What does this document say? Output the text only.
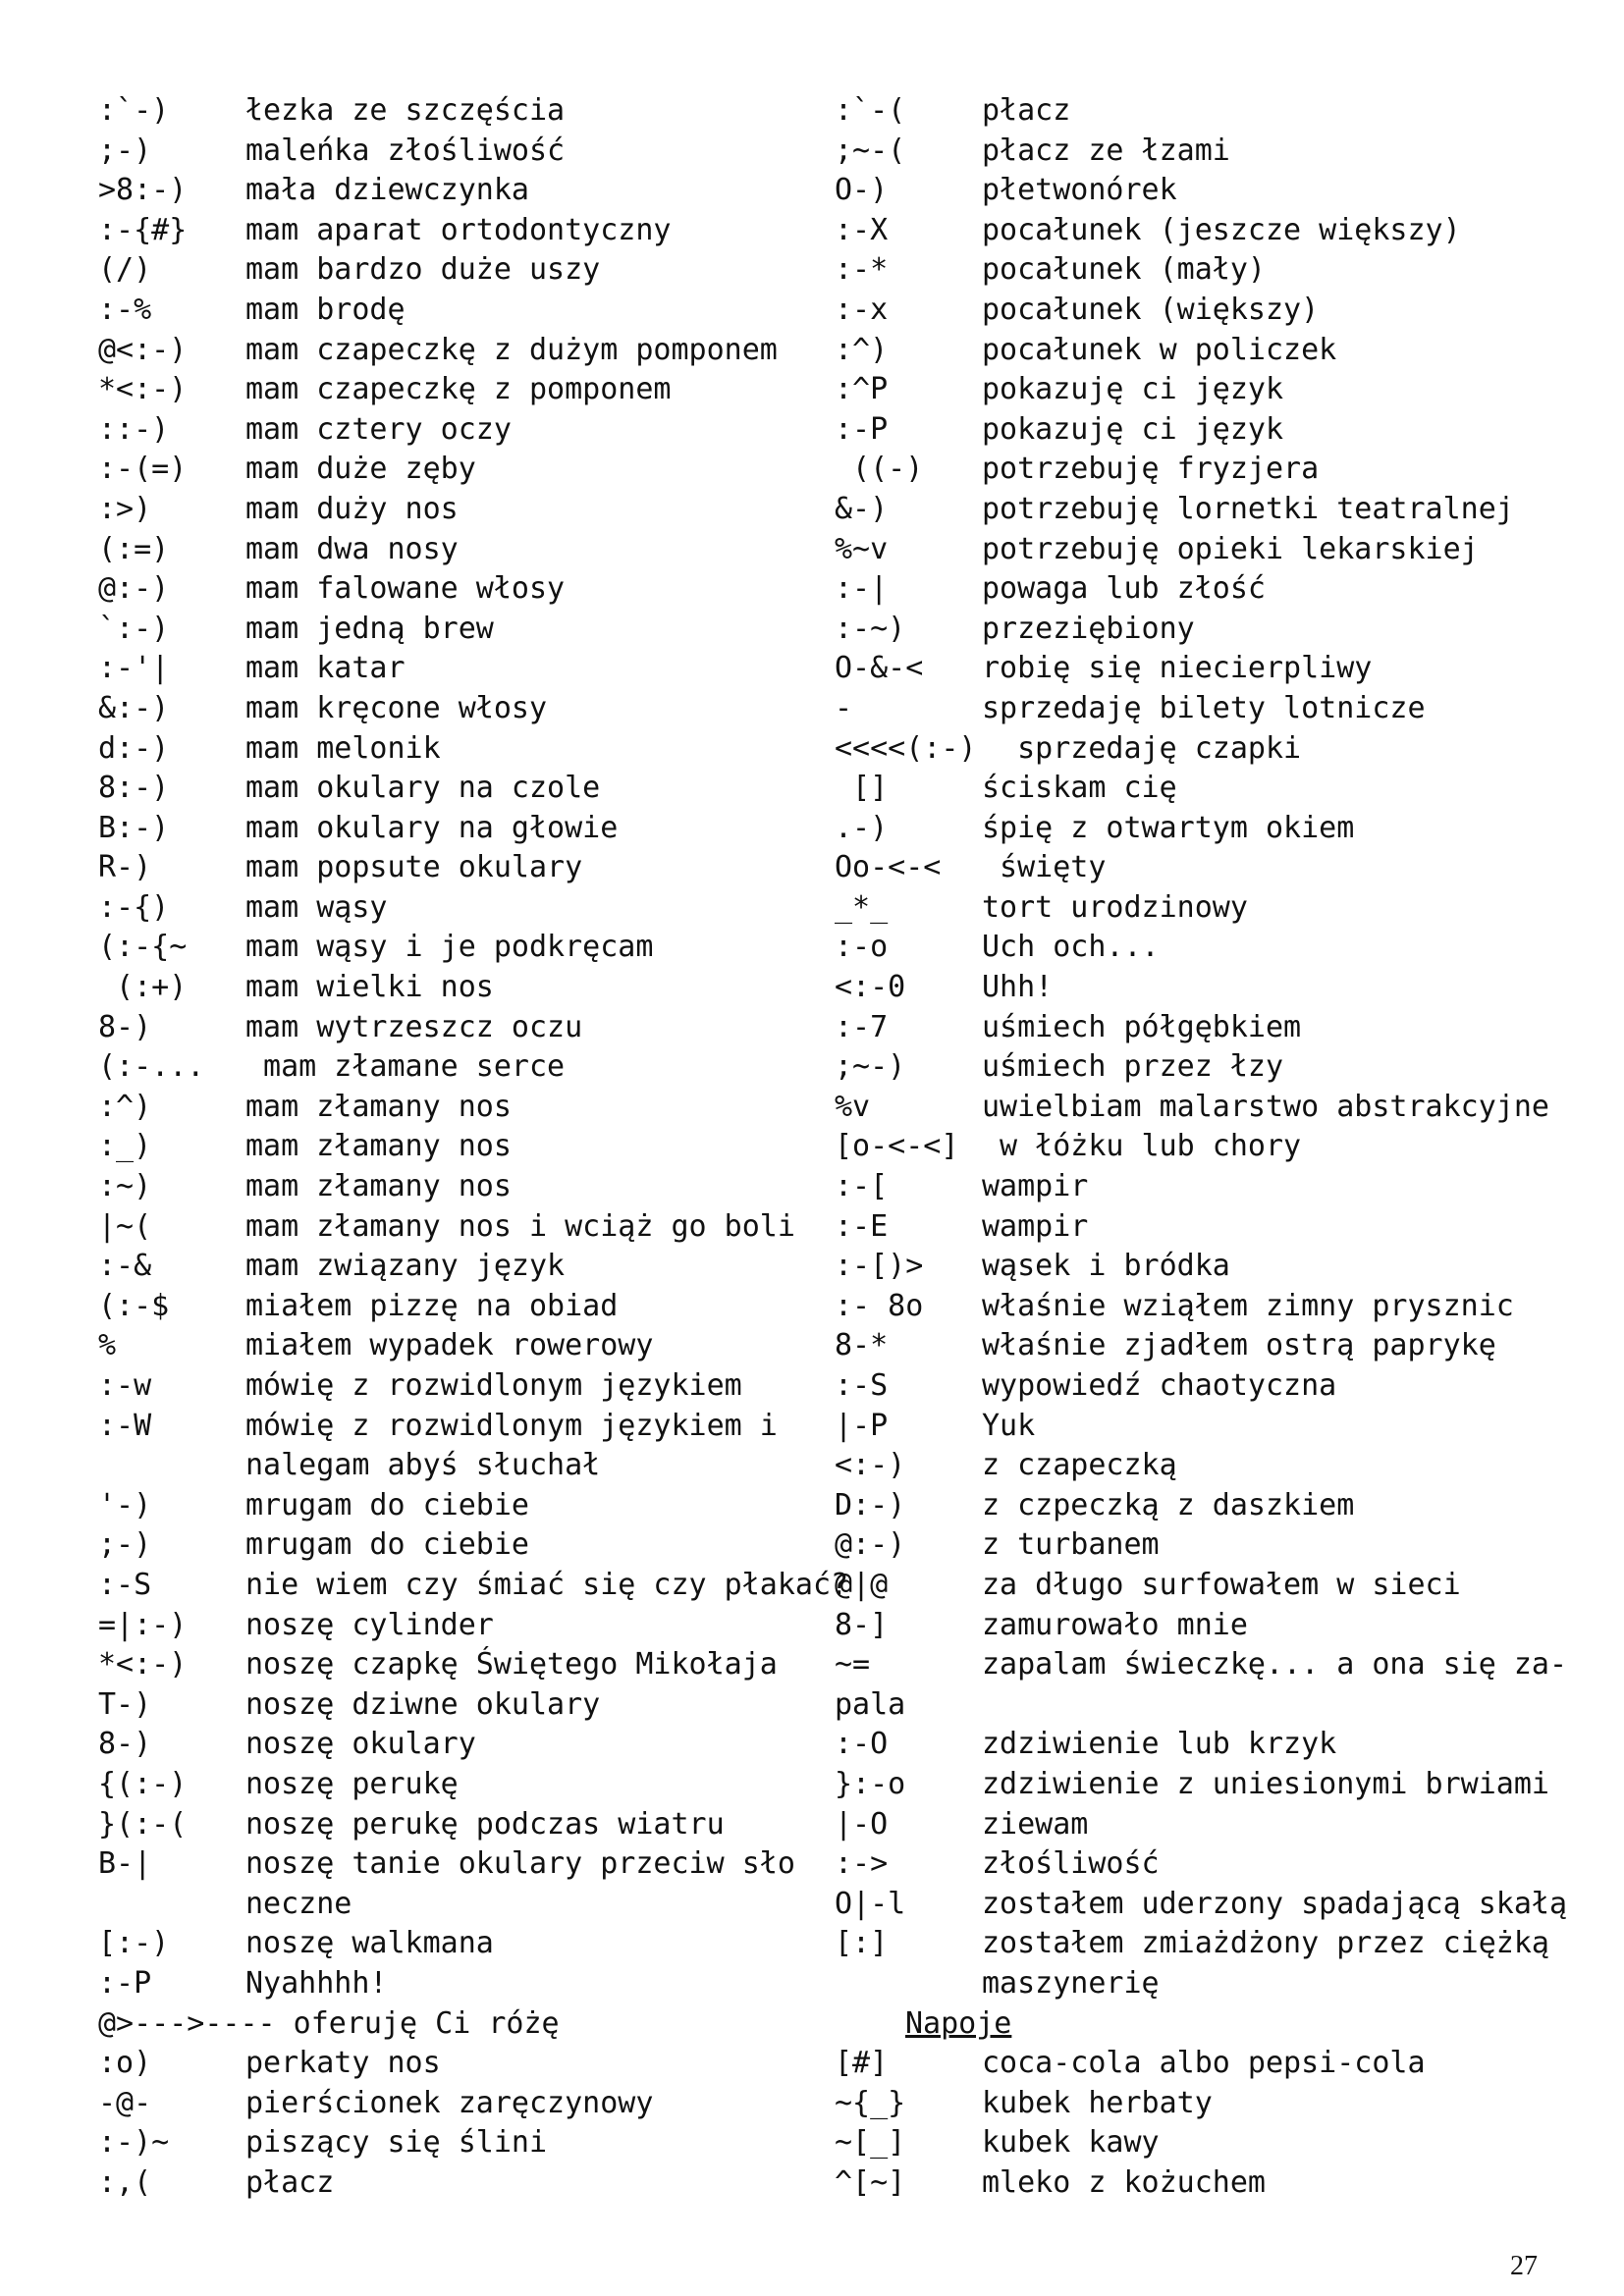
:`-)	łezka ze szczęścia
;-)	maleńka złośliwość
>8:-) mała dziewczynka
:-{#} mam aparat ortodontyczny
(/)	mam bardzo duże uszy
:-%	mam brodę
@<:-) mam czapeczkę z dużym pomponem
*<:-) mam czapeczkę z pomponem
::-)	mam cztery oczy
:-(=) mam duże zęby
:>)	mam duży nos
(:=)	mam dwa nosy
@:-)	mam falowane włosy
`:-)	mam jedną brew
:-'|	mam katar
&:-)	mam kręcone włosy
d:-)	mam melonik
8:-)	mam okulary na czole
B:-)	mam okulary na głowie
R-)	mam popsute okulary
:-{)	mam wąsy
(:-{~ mam wąsy i je podkręcam
(:+) mam wielki nos
8-)	mam wytrzeszcz oczu
(:-... mam złamane serce
:^)	mam złamany nos
:_)	mam złamany nos
:~)	mam złamany nos
|~(	mam złamany nos i wciąż go boli
:-&	mam związany język
(:-$	miałem pizzę na obiad
%	miałem wypadek rowerowy
:-w	mówię z rozwidlonym językiem
:-W	mówię z rozwidlonym językiem i
nalegam abyś słuchał
'-)	mrugam do ciebie
;-)	mrugam do ciebie
:-S	nie wiem czy śmiać się czy płakać?
=|:-) noszę cylinder
*<:-) noszę czapkę Świętego Mikołaja
T-)	noszę dziwne okulary
8-)	noszę okulary
{(:-) noszę perukę
}(:-( noszę perukę podczas wiatru
B-|	noszę tanie okulary przeciw sło
neczne
[:-)	noszę walkmana
:-P	Nyahhhh!
@>--->---- oferuję Ci różę
:o)	perkaty nos
-@-	pierścionek zaręczynowy
:-)~	piszący się ślini
:,(	płacz
:`-(	płacz
;~-(	płacz ze łzami
O-)	płetwonórek
:-X	pocałunek (jeszcze większy)
:-*	pocałunek (mały)
:-x	pocałunek (większy)
:^)	pocałunek w policzek
:^P	pokazuję ci język
:-P	pokazuję ci język
((-) potrzebuję fryzjera
&-)	potrzebuję lornetki teatralnej
%~v	potrzebuję opieki lekarskiej
:-|	powaga lub złość
:-~)	przeziębiony
O-&-< robię się niecierpliwy
-	sprzedaję bilety lotnicze
<<<<(:-) sprzedaję czapki
[]	ściskam cię
.-)	śpię z otwartym okiem
Oo-<-< święty
_*_	tort urodzinowy
:-o	Uch och...
<:-0	Uhh!
:-7	uśmiech półgębkiem
;~-)	uśmiech przez łzy
%v	uwielbiam malarstwo abstrakcyjne
[o-<-<] w łóżku lub chory
:-[	wampir
:-E	wampir
:-[)> wąsek i bródka
:- 8o właśnie wziąłem zimny prysznic
8-*	właśnie zjadłem ostrą paprykę
:-S	wypowiedź chaotyczna
|-P	Yuk
<:-)	z czapeczką
D:-)	z czpeczką z daszkiem
@:-)	z turbanem
@|@	za długo surfowałem w sieci
8-]	zamurowało mnie
~=	zapalam świeczkę... a ona się za-
pala
:-O	zdziwienie lub krzyk
}:-o	zdziwienie z uniesionymi brwiami
|-O	ziewam
:->	złośliwość
O|-l	zostałem uderzony spadającą skałą
[:]	zostałem zmiażdżony przez ciężką
maszynerię
Napoje
[#]	coca-cola albo pepsi-cola
~{_}	kubek herbaty
~[_]	kubek kawy
^[~]	mleko z kożuchem
27
